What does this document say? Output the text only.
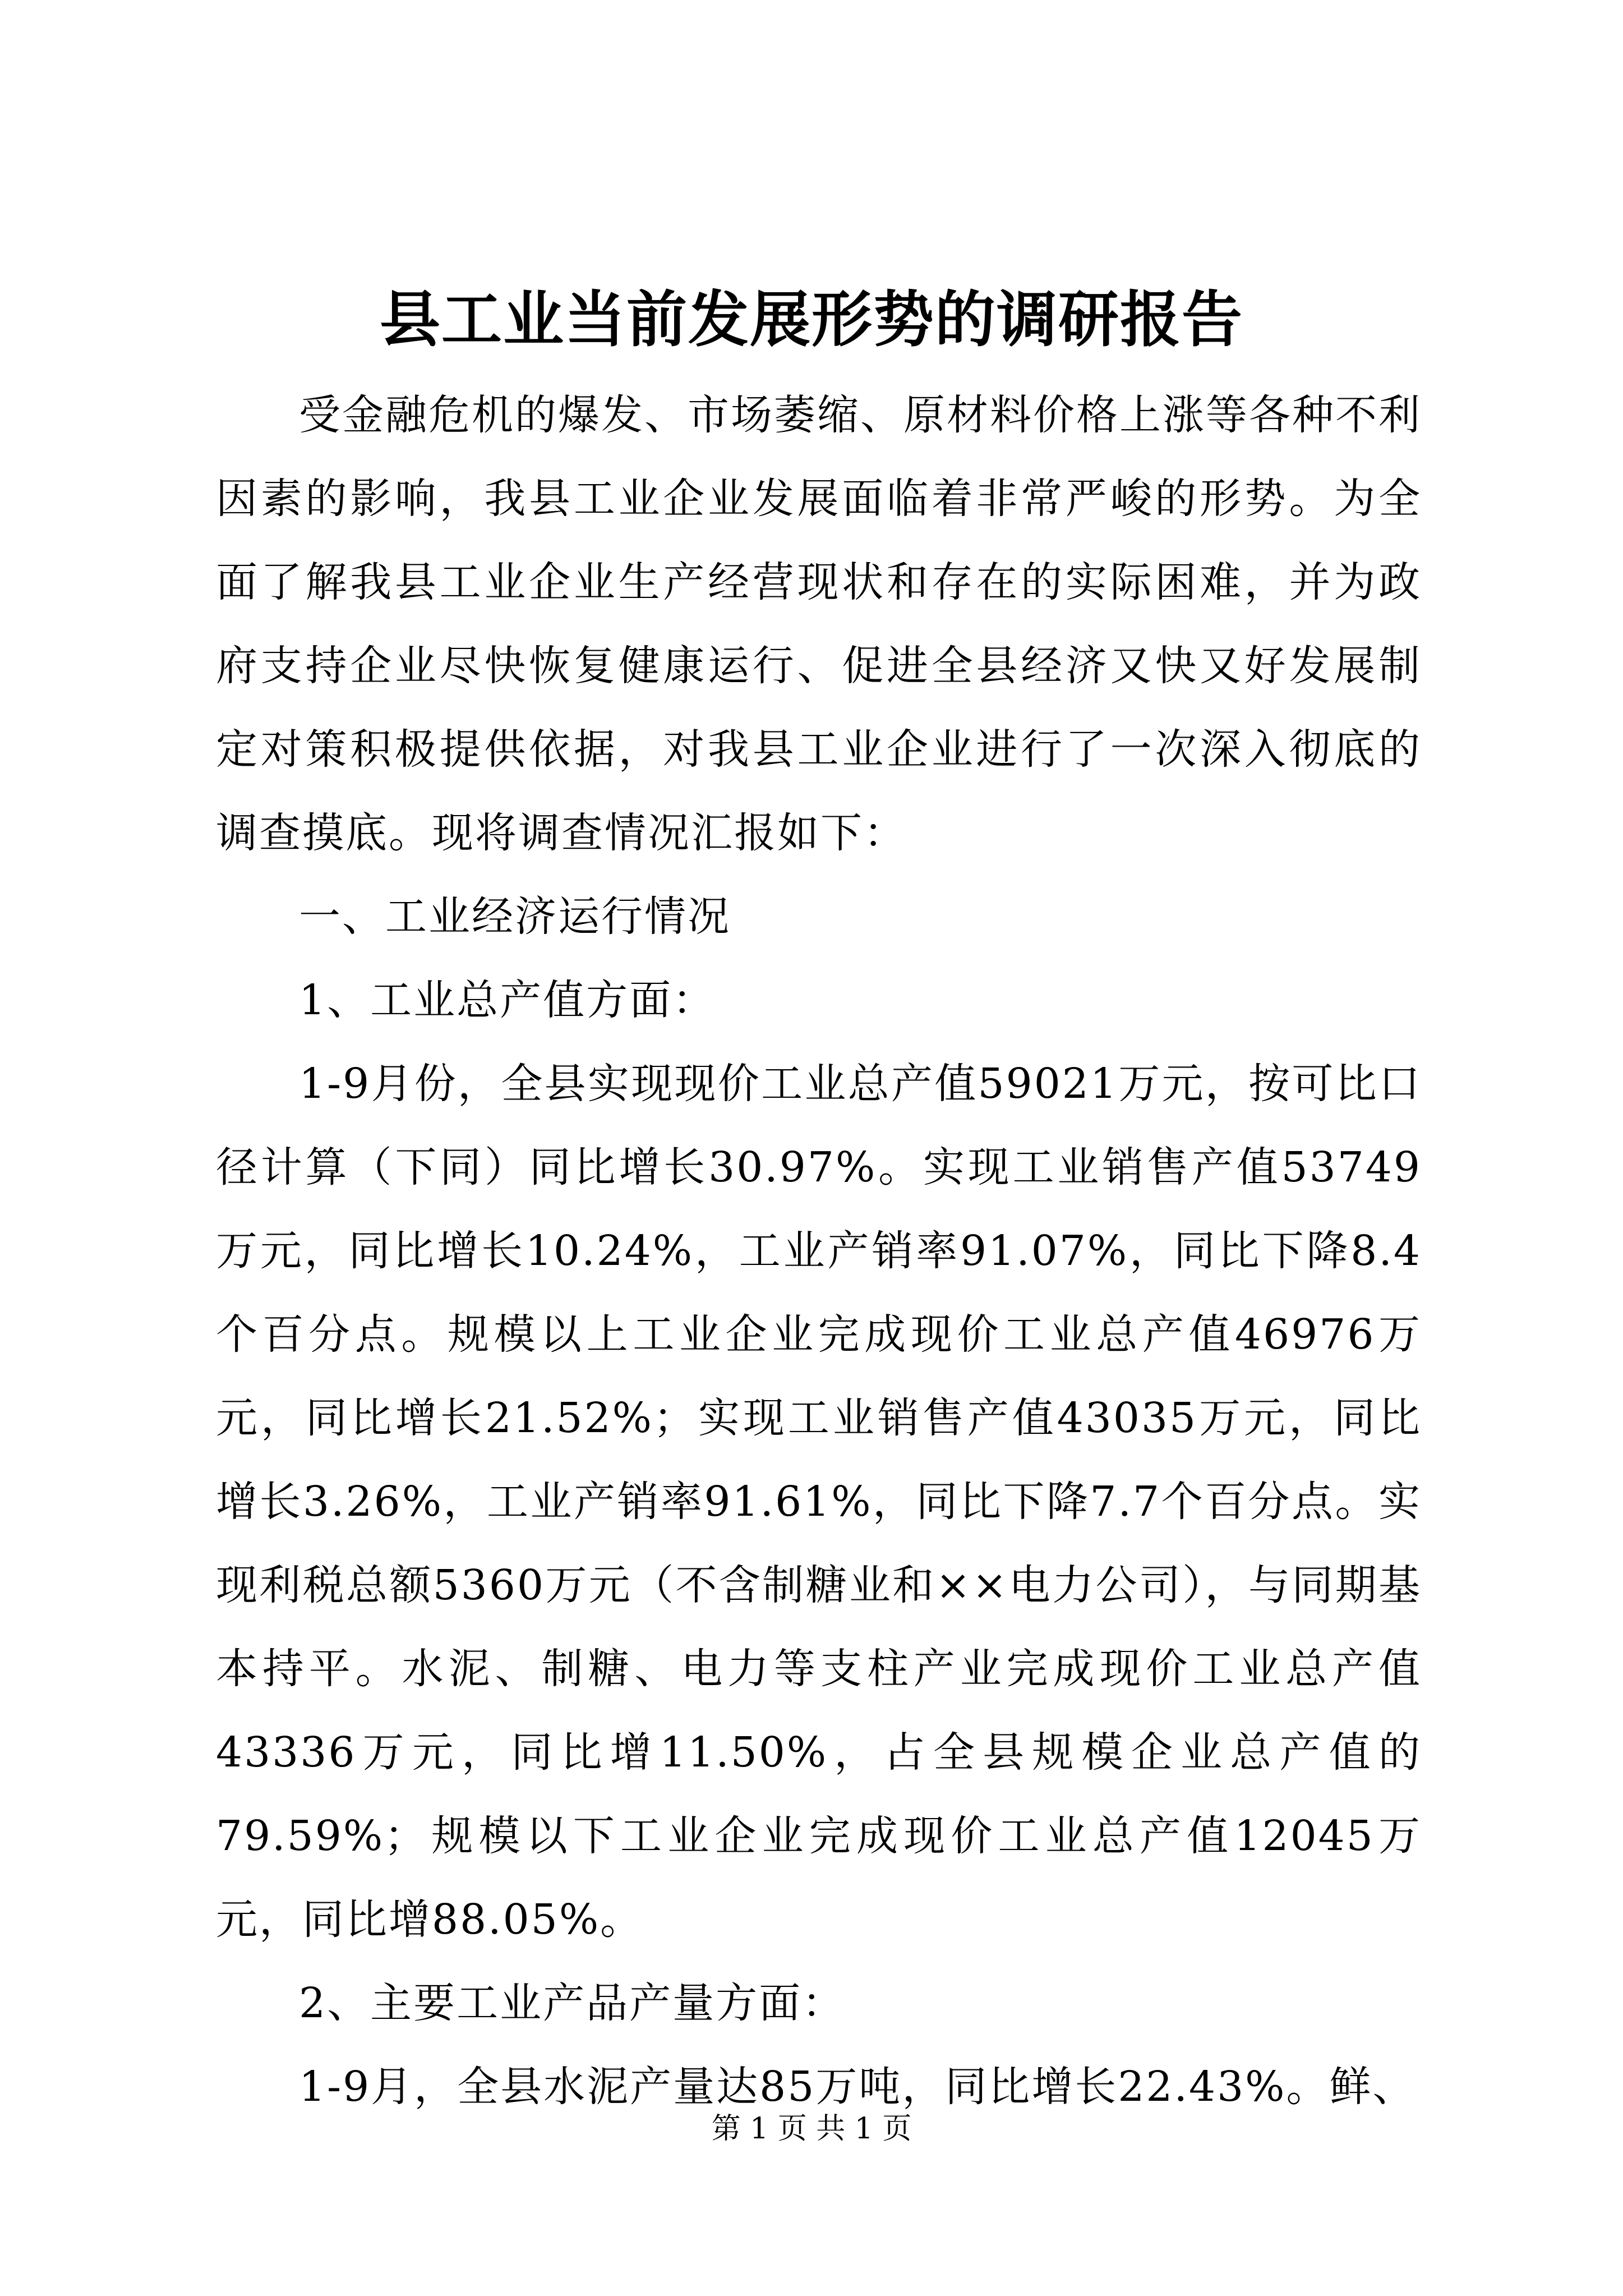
县工业当前发展形势的调研报告

受金融危机的爆发、市场萎缩、原材料价格上涨等各种不利因素的影响，我县工业企业发展面临着非常严峻的形势。为全面了解我县工业企业生产经营现状和存在的实际困难，并为政府支持企业尽快恢复健康运行、促进全县经济又快又好发展制定对策积极提供依据，对我县工业企业进行了一次深入彻底的调查摸底。现将调查情况汇报如下：

一、工业经济运行情况

1、工业总产值方面：

1-9月份，全县实现现价工业总产值59021万元，按可比口径计算（下同）同比增长30.97%。实现工业销售产值53749万元，同比增长10.24%，工业产销率91.07%，同比下降8.4个百分点。规模以上工业企业完成现价工业总产值46976万元，同比增长21.52%；实现工业销售产值43035万元，同比增长3.26%，工业产销率91.61%，同比下降7.7个百分点。实现利税总额5360万元（不含制糖业和××电力公司），与同期基本持平。水泥、制糖、电力等支柱产业完成现价工业总产值43336万元，同比增11.50%，占全县规模企业总产值的79.59%；规模以下工业企业完成现价工业总产值12045万元，同比增88.05%。

2、主要工业产品产量方面：

1-9月，全县水泥产量达85万吨，同比增长22.43%。鲜、

第 1 页 共 1 页
